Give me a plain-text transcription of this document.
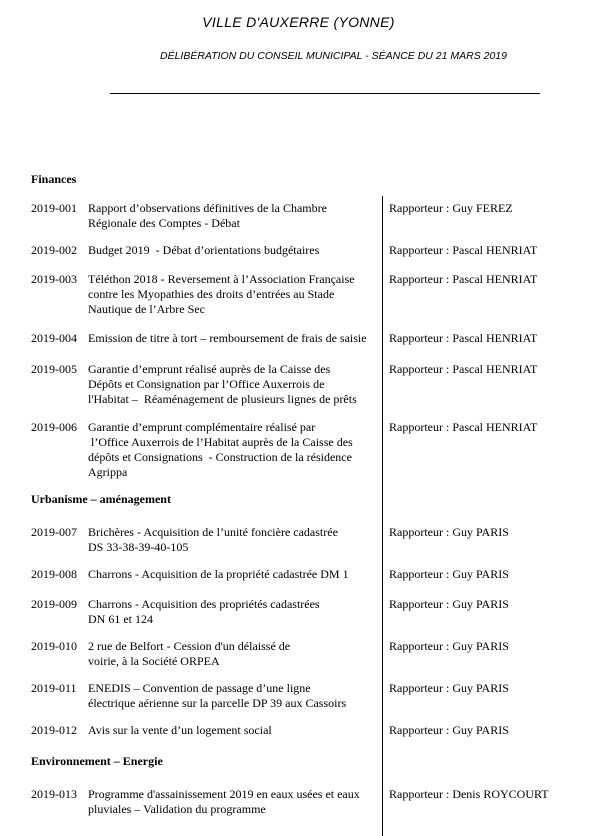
VILLE D'AUXERRE (YONNE)
DÉLIBÉRATION DU CONSEIL MUNICIPAL - SÉANCE DU 21 MARS 2019
Finances
Urbanisme – aménagement
Environnement – Energie
2019-001 Rapport d’observations définitives de la Chambre
Régionale des Comptes - Débat
Rapporteur : Guy FEREZ
2019-002 Budget 2019  - Débat d’orientations budgétaires	Rapporteur : Pascal HENRIAT
2019-003 Téléthon 2018 - Reversement à l’Association Française
contre les Myopathies des droits d’entrées au Stade
Nautique de l’Arbre Sec
Rapporteur : Pascal HENRIAT
2019-004 Emission de titre à tort – remboursement de frais de saisie	Rapporteur : Pascal HENRIAT
2019-005 Garantie d’emprunt réalisé auprès de la Caisse des
Dépôts et Consignation par l’Office Auxerrois de
l'Habitat –  Réaménagement de plusieurs lignes de prêts
Rapporteur : Pascal HENRIAT
2019-006 Garantie d’emprunt complémentaire réalisé par
l’Office Auxerrois de l’Habitat auprès de la Caisse des
dépôts et Consignations  - Construction de la résidence
Agrippa
Rapporteur : Pascal HENRIAT
2019-007 Brichères - Acquisition de l’unité foncière cadastrée
DS 33-38-39-40-105
Rapporteur : Guy PARIS
2019-008 Charrons - Acquisition de la propriété cadastrée DM 1	Rapporteur : Guy PARIS
2019-009 Charrons - Acquisition des propriétés cadastrées
DN 61 et 124
Rapporteur : Guy PARIS
2019-010 2 rue de Belfort - Cession d'un délaissé de
voirie, à la Société ORPEA
Rapporteur : Guy PARIS
2019-011 ENEDIS – Convention de passage d’une ligne
électrique aérienne sur la parcelle DP 39 aux Cassoirs
Rapporteur : Guy PARIS
2019-012 Avis sur la vente d’un logement social	Rapporteur : Guy PARIS
2019-013 Programme d'assainissement 2019 en eaux usées et eaux
pluviales – Validation du programme
Rapporteur : Denis ROYCOURT
